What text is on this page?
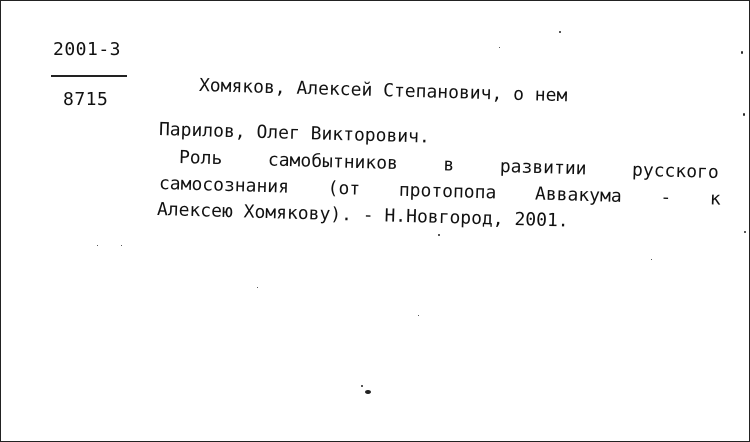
2001-3
8715	Хомяков, Алексей Степанович, о нем
Парилов, Олег Викторович.
Роль самобытников в развитии русского
самосознания (от протопопа Аввакума - к
Алексею Хомякову). - Н.Новгород, 2001.
